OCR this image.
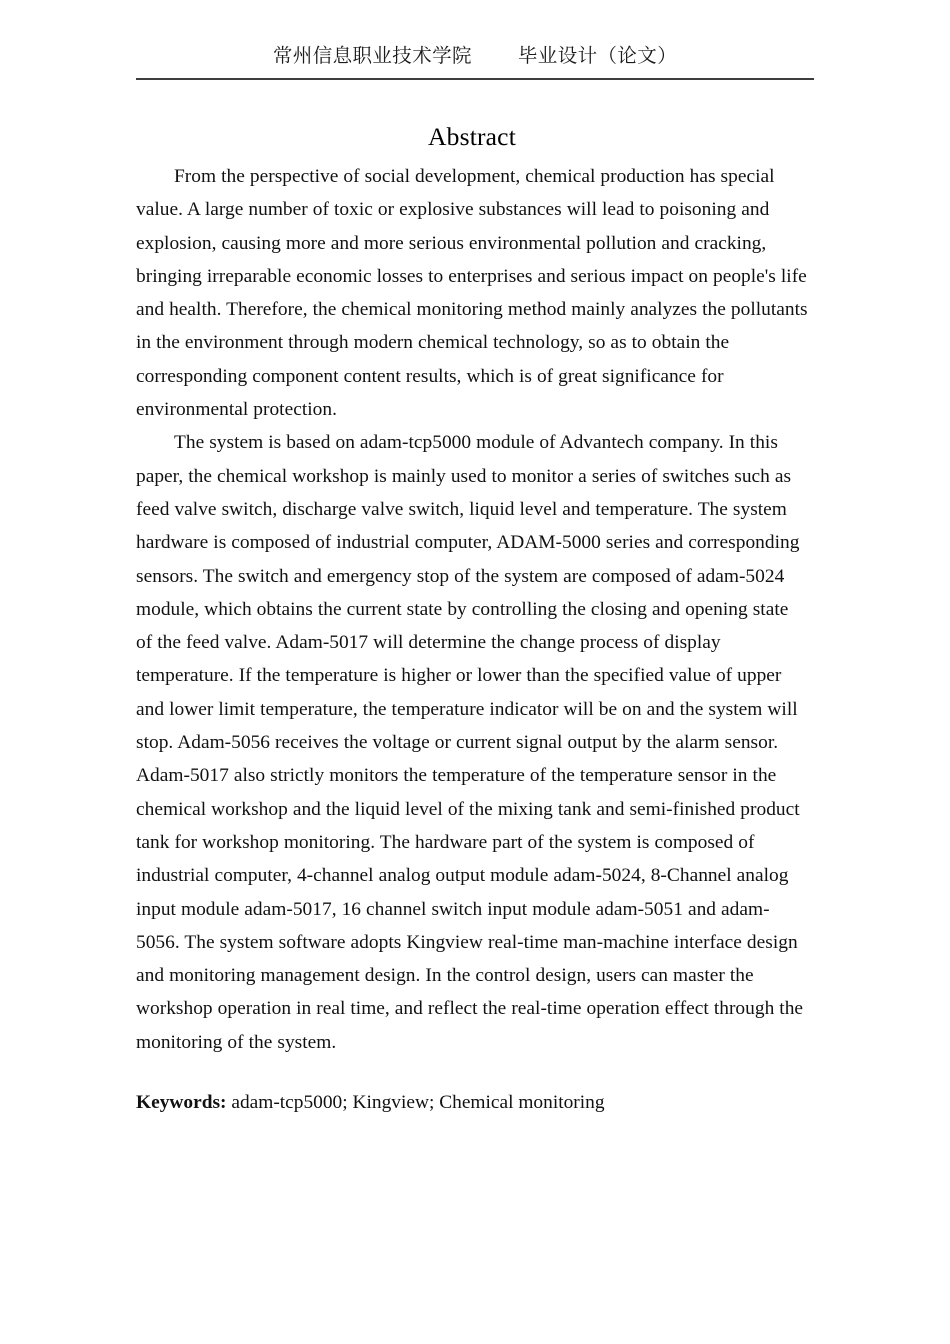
常州信息职业技术学院 毕业设计（论文）
Abstract

From the perspective of social development, chemical production has special value. A large number of toxic or explosive substances will lead to poisoning and explosion, causing more and more serious environmental pollution and cracking, bringing irreparable economic losses to enterprises and serious impact on people's life and health. Therefore, the chemical monitoring method mainly analyzes the pollutants in the environment through modern chemical technology, so as to obtain the corresponding component content results, which is of great significance for environmental protection.

The system is based on adam-tcp5000 module of Advantech company. In this paper, the chemical workshop is mainly used to monitor a series of switches such as feed valve switch, discharge valve switch, liquid level and temperature. The system hardware is composed of industrial computer, ADAM-5000 series and corresponding sensors. The switch and emergency stop of the system are composed of adam-5024 module, which obtains the current state by controlling the closing and opening state of the feed valve. Adam-5017 will determine the change process of display temperature. If the temperature is higher or lower than the specified value of upper and lower limit temperature, the temperature indicator will be on and the system will stop. Adam-5056 receives the voltage or current signal output by the alarm sensor. Adam-5017 also strictly monitors the temperature of the temperature sensor in the chemical workshop and the liquid level of the mixing tank and semi-finished product tank for workshop monitoring. The hardware part of the system is composed of industrial computer, 4-channel analog output module adam-5024, 8-Channel analog input module adam-5017, 16 channel switch input module adam-5051 and adam-5056. The system software adopts Kingview real-time man-machine interface design and monitoring management design. In the control design, users can master the workshop operation in real time, and reflect the real-time operation effect through the monitoring of the system.

Keywords: adam-tcp5000; Kingview; Chemical monitoring
